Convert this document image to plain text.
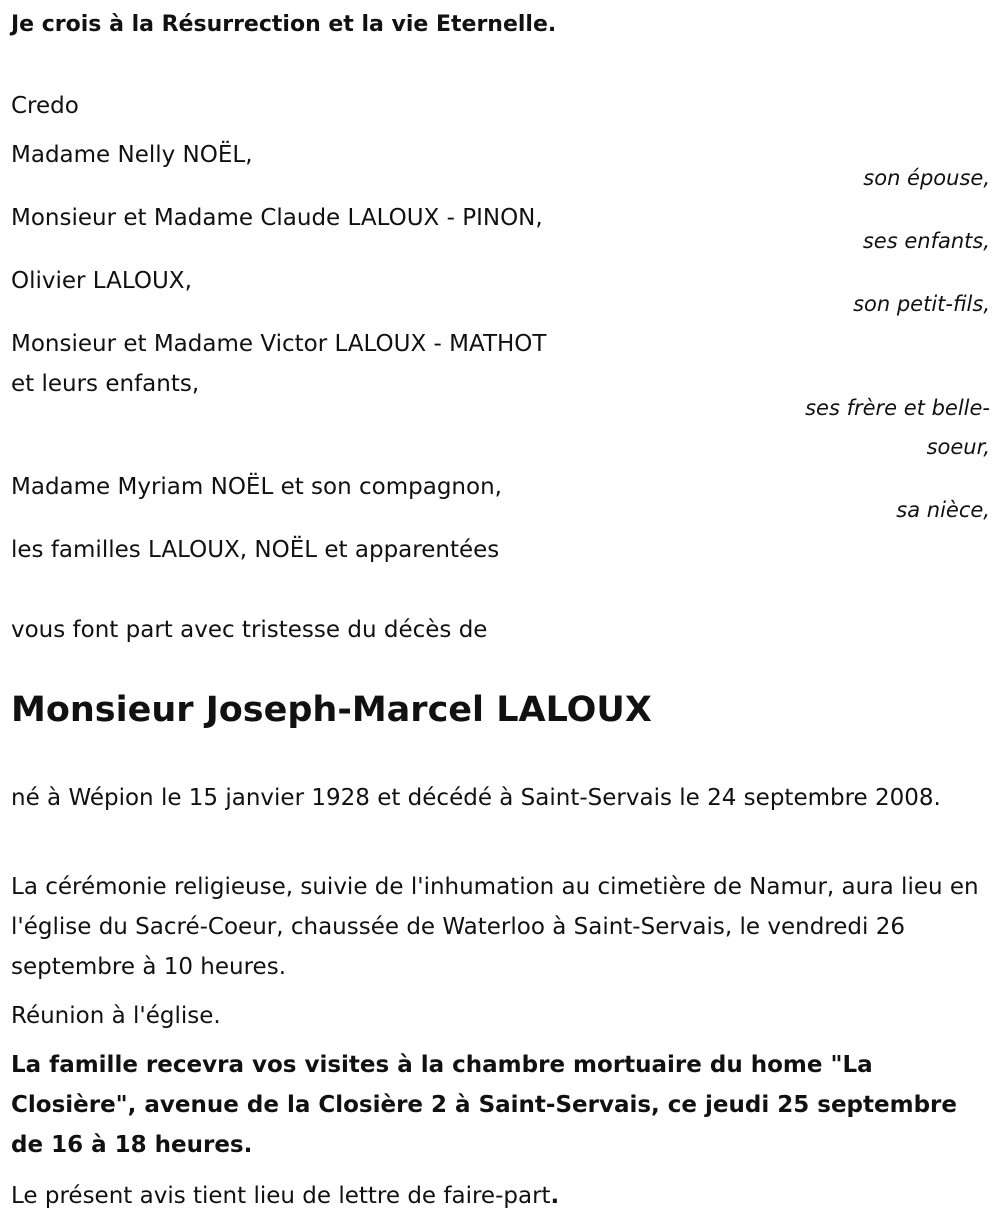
Je crois à la Résurrection et la vie Eternelle.

Credo

Madame Nelly NOËL,

son épouse,

Monsieur et Madame Claude LALOUX - PINON,

ses enfants,

Olivier LALOUX,

son petit-fils,

Monsieur et Madame Victor LALOUX - MATHOT

et leurs enfants,

ses frère et belle-

soeur,

Madame Myriam NOËL et son compagnon,

sa nièce,

les familles LALOUX, NOËL et apparentées

vous font part avec tristesse du décès de

Monsieur Joseph-Marcel LALOUX

né à Wépion le 15 janvier 1928 et décédé à Saint-Servais le 24 septembre 2008.

La cérémonie religieuse, suivie de l'inhumation au cimetière de Namur, aura lieu en l'église du Sacré-Coeur, chaussée de Waterloo à Saint-Servais, le vendredi 26 septembre à 10 heures.

Réunion à l'église.

La famille recevra vos visites à la chambre mortuaire du home "La Closière", avenue de la Closière 2 à Saint-Servais, ce jeudi 25 septembre de 16 à 18 heures.

Le présent avis tient lieu de lettre de faire-part.
